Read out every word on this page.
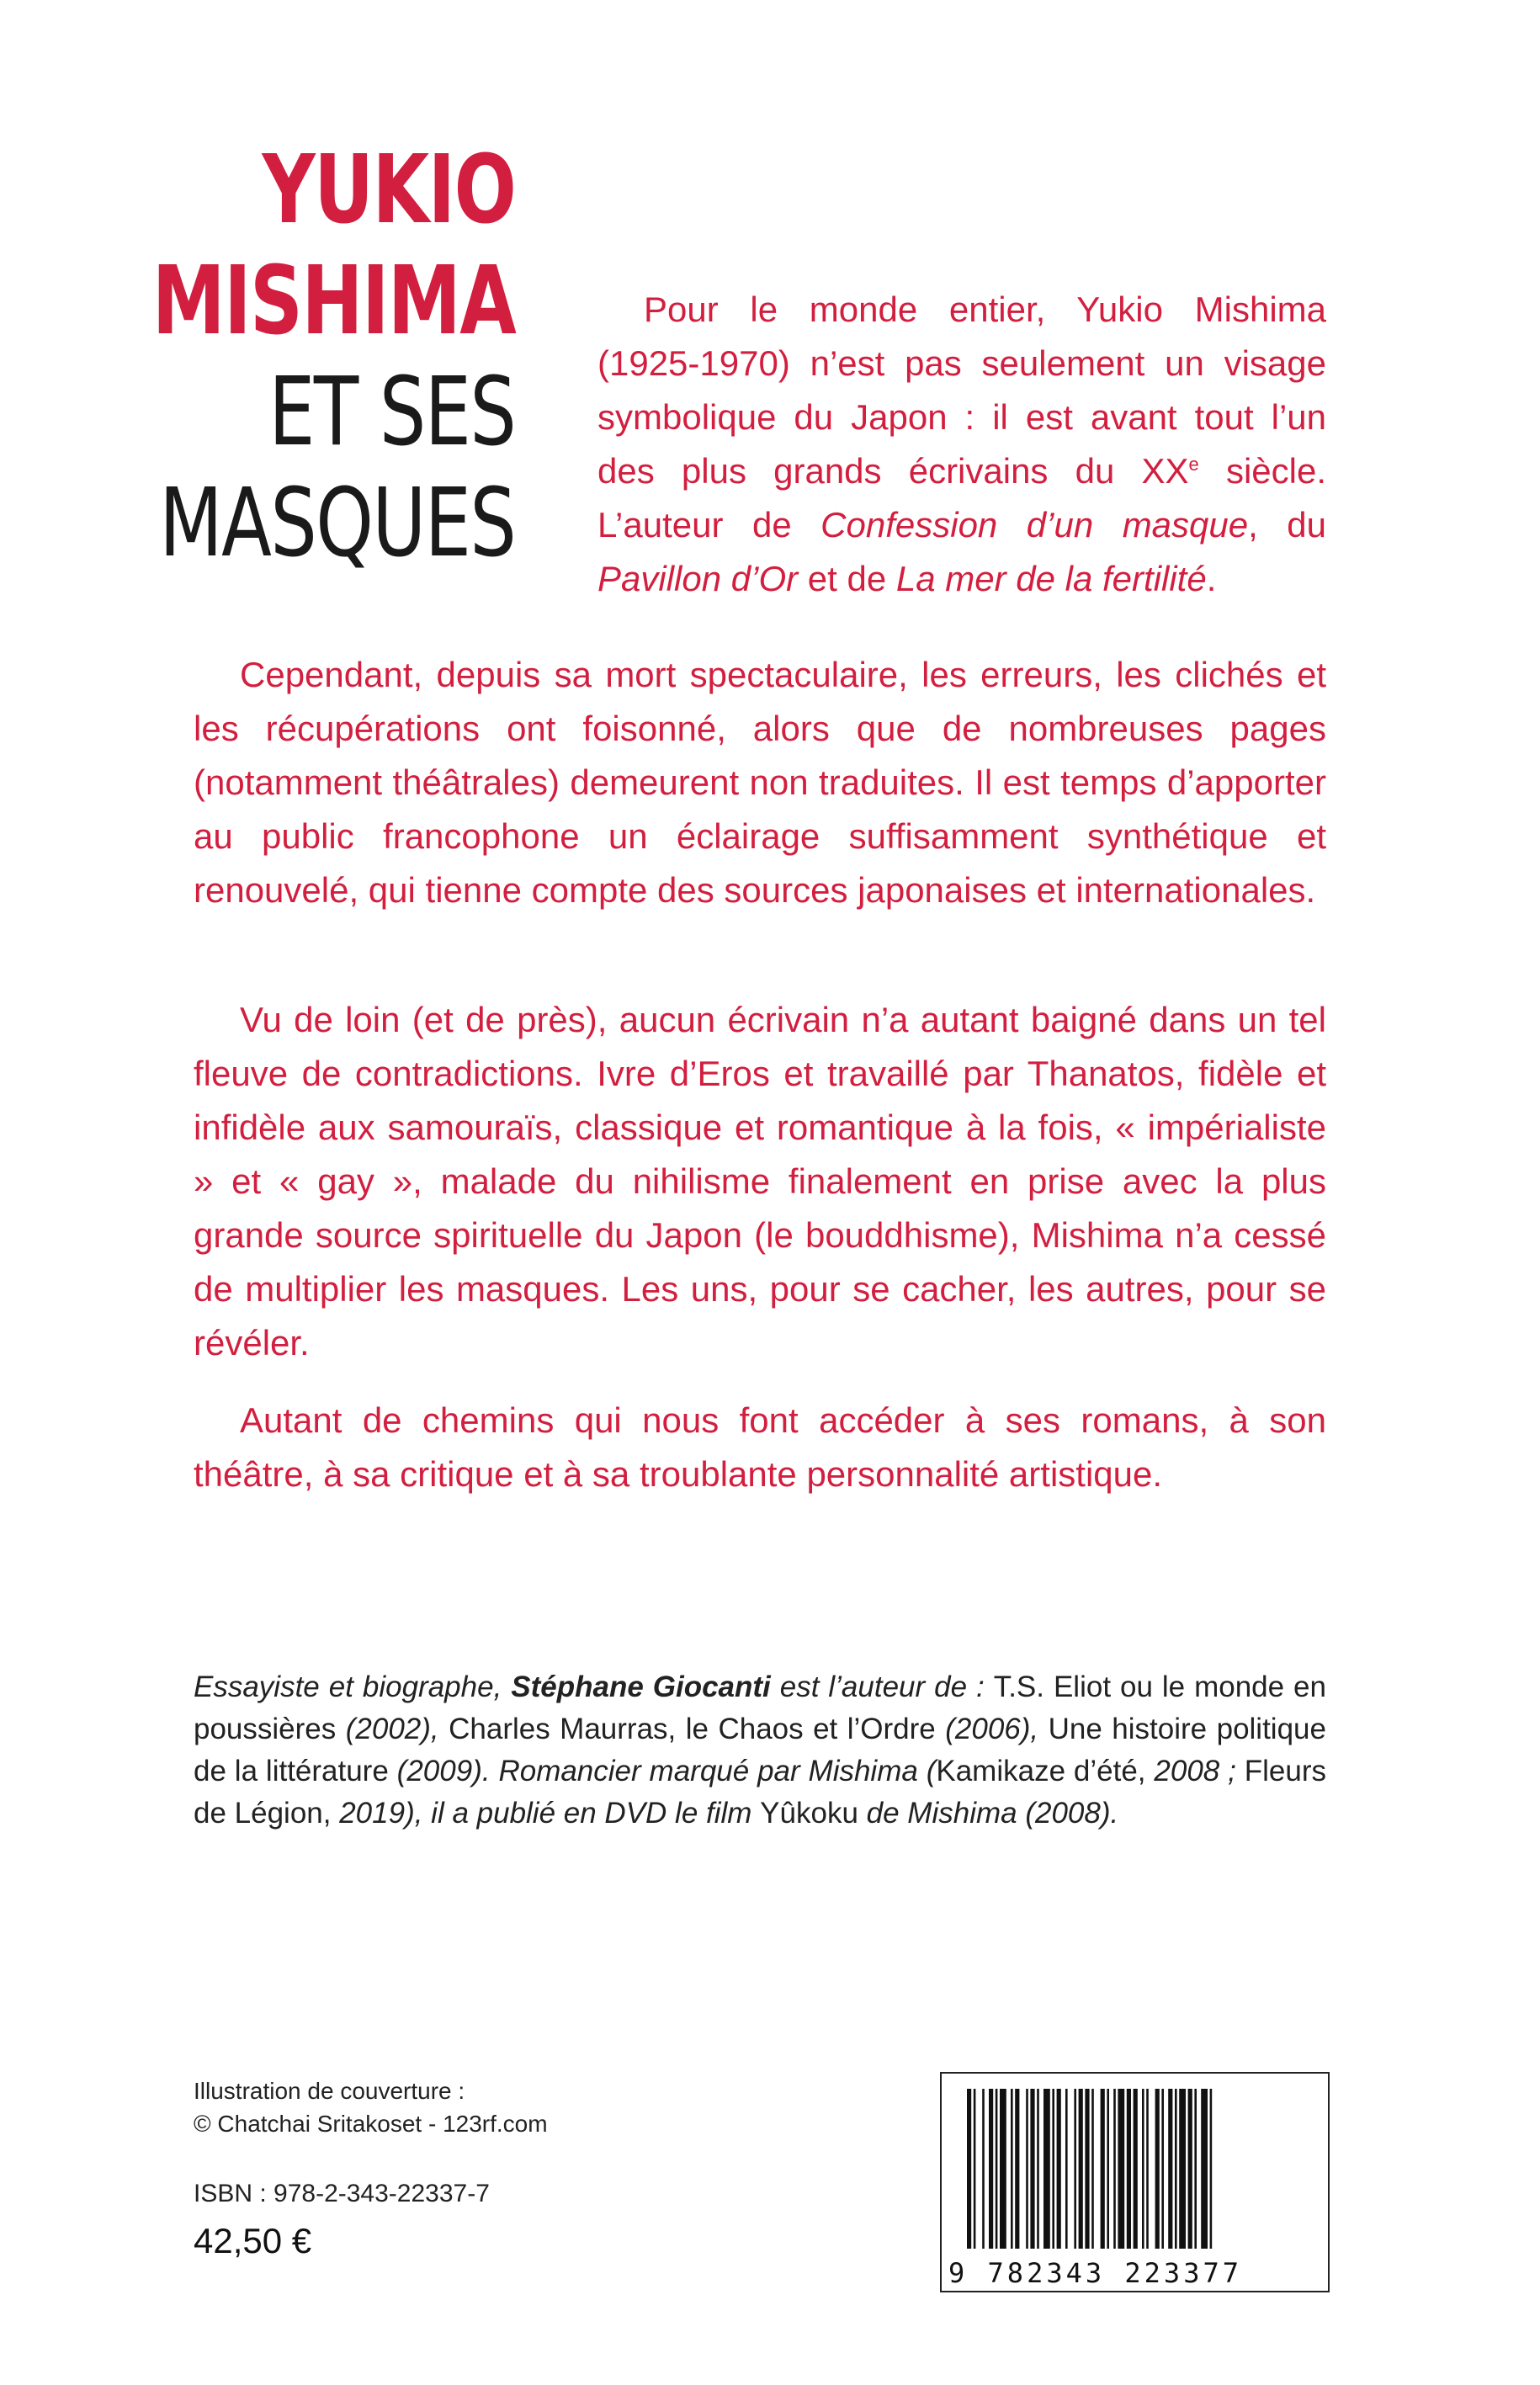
YUKIO
MISHIMA
ET SES
MASQUES
Pour le monde entier, Yukio Mishima (1925-1970) n’est pas seulement un visage symbolique du Japon : il est avant tout l’un des plus grands écrivains du XXe siècle. L’auteur de Confession d’un masque, du Pavillon d’Or et de La mer de la fertilité.

Cependant, depuis sa mort spectaculaire, les erreurs, les clichés et les récupérations ont foisonné, alors que de nombreuses pages (notamment théâtrales) demeurent non traduites. Il est temps d’apporter au public francophone un éclairage suffisamment synthétique et renouvelé, qui tienne compte des sources japonaises et internationales.

Vu de loin (et de près), aucun écrivain n’a autant baigné dans un tel fleuve de contradictions. Ivre d’Eros et travaillé par Thanatos, fidèle et infidèle aux samouraïs, classique et romantique à la fois, « impérialiste » et « gay », malade du nihilisme finalement en prise avec la plus grande source spirituelle du Japon (le bouddhisme), Mishima n’a cessé de multiplier les masques. Les uns, pour se cacher, les autres, pour se révéler.

Autant de chemins qui nous font accéder à ses romans, à son théâtre, à sa critique et à sa troublante personnalité artistique.

Essayiste et biographe, Stéphane Giocanti est l’auteur de : T.S. Eliot ou le monde en poussières (2002), Charles Maurras, le Chaos et l’Ordre (2006), Une histoire politique de la littérature (2009). Romancier marqué par Mishima (Kamikaze d’été, 2008 ; Fleurs de Légion, 2019), il a publié en DVD le film Yûkoku de Mishima (2008).
Illustration de couverture :
© Chatchai Sritakoset - 123rf.com
ISBN : 978-2-343-22337-7
42,50 €
9 782343 223377
